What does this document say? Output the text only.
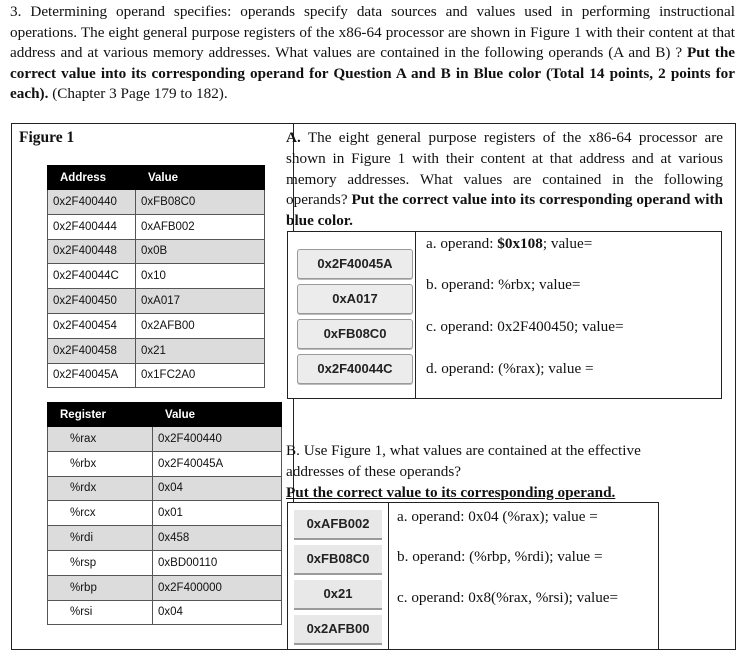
3. Determining operand specifies: operands specify data sources and values used in performing instructional operations. The eight general purpose registers of the x86-64 processor are shown in Figure 1 with their content at that address and at various memory addresses. What values are contained in the following operands (A and B) ? Put the correct value into its corresponding operand for Question A and B in Blue color (Total 14 points, 2 points for each). (Chapter 3 Page 179 to 182).
Figure 1
Address	Value
0x2F400440	0xFB08C0
0x2F400444	0xAFB002
0x2F400448	0x0B
0x2F40044C	0x10
0x2F400450	0xA017
0x2F400454	0x2AFB00
0x2F400458	0x21
0x2F40045A	0x1FC2A0
Register	Value
%rax	0x2F400440
%rbx	0x2F40045A
%rdx	0x04
%rcx	0x01
%rdi	0x458
%rsp	0xBD00110
%rbp	0x2F400000
%rsi	0x04
A. The eight general purpose registers of the x86-64 processor are shown in Figure 1 with their content at that address and at various memory addresses. What values are contained in the following operands? Put the correct value into its corresponding operand with blue color.
0x2F40045A
0xA017
0xFB08C0
0x2F40044C
a. operand: $0x108; value=
b. operand: %rbx; value=
c. operand: 0x2F400450; value=
d. operand: (%rax); value =
B. Use Figure 1, what values are contained at the effective addresses of these operands?
Put the correct value to its corresponding operand.
0xAFB002
0xFB08C0
0x21
0x2AFB00
a. operand: 0x04 (%rax); value =
b. operand: (%rbp, %rdi); value =
c. operand: 0x8(%rax, %rsi); value=
